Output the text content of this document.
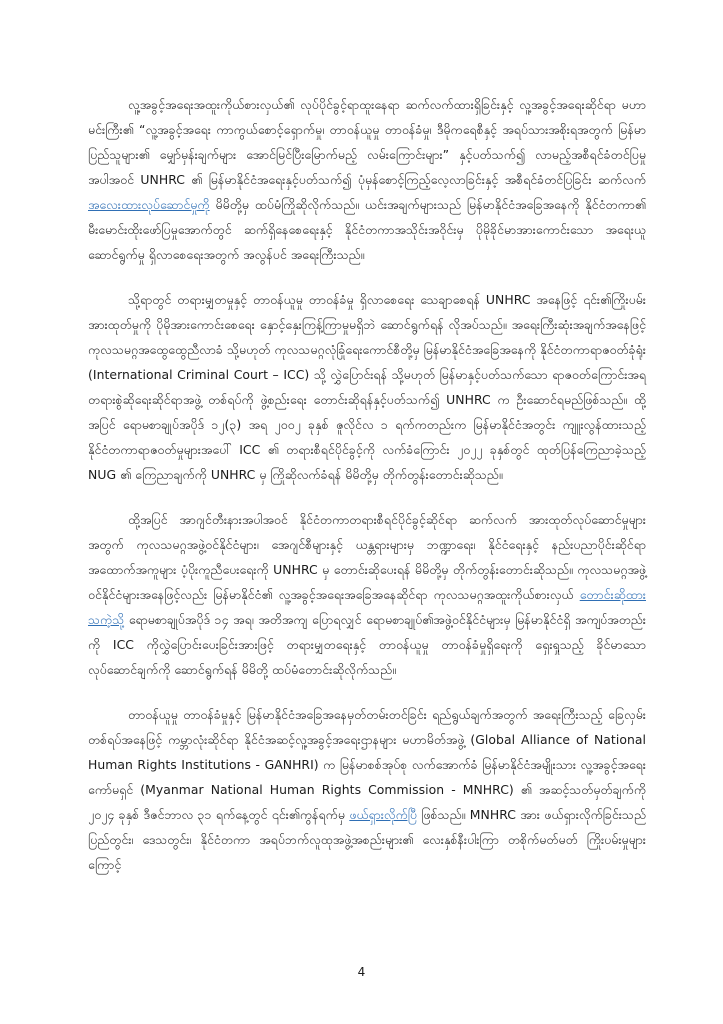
လူ့အခွင့်အရေးအထူးကိုယ်စားလှယ်၏ လုပ်ပိုင်ခွင့်ရာထူးနေရာ ဆက်လက်ထားရှိခြင်းနှင့် လူ့အခွင့်အရေးဆိုင်ရာ မဟာမင်းကြီး၏ “လူ့အခွင့်အရေး ကာကွယ်စောင့်ရှောက်မှု၊ တာဝန်ယူမှု တာဝန်ခံမှု၊ ဒီမိုကရေစီနှင့် အရပ်သားအစိုးရအတွက် မြန်မာပြည်သူများ၏ မျှော်မှန်းချက်များ အောင်မြင်ပြီးမြောက်မည့် လမ်းကြောင်းများ” နှင့်ပတ်သက်၍ လာမည့်အစီရင်ခံတင်ပြမှု အပါအဝင် UNHRC ၏ မြန်မာနိုင်ငံအရေးနှင့်ပတ်သက်၍ ပုံမှန်စောင့်ကြည့်လေ့လာခြင်းနှင့် အစီရင်ခံတင်ပြခြင်း ဆက်လက်အလေးထားလုပ်ဆောင်မှုကို မိမိတို့မှ ထပ်မံကြိုဆိုလိုက်သည်။ ယင်းအချက်များသည် မြန်မာနိုင်ငံအခြေအနေကို နိုင်ငံတကာ၏ မီးမောင်းထိုးဖော်ပြမှုအောက်တွင် ဆက်ရှိနေစေရေးနှင့် နိုင်ငံတကာအသိုင်းအဝိုင်းမှ ပိုမိုခိုင်မာအားကောင်းသော အရေးယူဆောင်ရွက်မှု ရှိလာစေရေးအတွက် အလွန်ပင် အရေးကြီးသည်။

သို့ရာတွင် တရားမျှတမှုနှင့် တာဝန်ယူမှု တာဝန်ခံမှု ရှိလာစေရေး သေချာစေရန် UNHRC အနေဖြင့် ၎င်း၏ကြိုးပမ်းအားထုတ်မှုကို ပိုမိုအားကောင်းစေရေး နှောင့်နှေးကြန့်ကြာမှုမရှိဘဲ ဆောင်ရွက်ရန် လိုအပ်သည်။ အရေးကြီးဆုံးအချက်အနေဖြင့် ကုလသမဂ္ဂအထွေထွေညီလာခံ သို့မဟုတ် ကုလသမဂ္ဂလုံခြုံရေးကောင်စီတို့မှ မြန်မာနိုင်ငံအခြေအနေကို နိုင်ငံတကာရာဇဝတ်ခုံရုံး (International Criminal Court – ICC) သို့ လွှဲပြောင်းရန် သို့မဟုတ် မြန်မာနှင့်ပတ်သက်သော ရာဇဝတ်ကြောင်းအရ တရားစွဲဆိုရေးဆိုင်ရာအဖွဲ့ တစ်ရပ်ကို ဖွဲ့စည်းရေး တောင်းဆိုရန်နှင့်ပတ်သက်၍ UNHRC က ဦးဆောင်ရမည်ဖြစ်သည်။ ထို့အပြင် ရောမစာချုပ်အပိုဒ် ၁၂(၃) အရ ၂၀၀၂ ခုနှစ် ဇူလိုင်လ ၁ ရက်ကတည်းက မြန်မာနိုင်ငံအတွင်း ကျူးလွန်ထားသည့် နိုင်ငံတကာရာဇဝတ်မှုများအပေါ် ICC ၏ တရားစီရင်ပိုင်ခွင့်ကို လက်ခံကြောင်း ၂၀၂၂ ခုနှစ်တွင် ထုတ်ပြန်ကြေညာခဲ့သည့် NUG ၏ ကြေညာချက်ကို UNHRC မှ ကြိုဆိုလက်ခံရန် မိမိတို့မှ တိုက်တွန်းတောင်းဆိုသည်။

ထို့အပြင် အာဂျင်တီးနားအပါအဝင် နိုင်ငံတကာတရားစီရင်ပိုင်ခွင့်ဆိုင်ရာ ဆက်လက် အားထုတ်လုပ်ဆောင်မှုများအတွက် ကုလသမဂ္ဂအဖွဲ့ဝင်နိုင်ငံများ၊ အေဂျင်စီများနှင့် ယန္တရားများမှ ဘဏ္ဍာရေး၊ နိုင်ငံရေးနှင့် နည်းပညာပိုင်းဆိုင်ရာ အထောက်အကူများ ပံ့ပိုးကူညီပေးရေးကို UNHRC မှ တောင်းဆိုပေးရန် မိမိတို့မှ တိုက်တွန်းတောင်းဆိုသည်။ ကုလသမဂ္ဂအဖွဲ့ဝင်နိုင်ငံများအနေဖြင့်လည်း မြန်မာနိုင်ငံ၏ လူ့အခွင့်အရေးအခြေအနေဆိုင်ရာ ကုလသမဂ္ဂအထူးကိုယ်စားလှယ် တောင်းဆိုထားသကဲ့သို့ ရောမစာချုပ်အပိုဒ် ၁၄ အရ၊ အတိအကျ ပြောရလျှင် ရောမစာချုပ်၏အဖွဲ့ဝင်နိုင်ငံများမှ မြန်မာနိုင်ငံရှိ အကျပ်အတည်းကို ICC ကိုလွှဲပြောင်းပေးခြင်းအားဖြင့် တရားမျှတရေးနှင့် တာဝန်ယူမှု တာဝန်ခံမှုရှိရေးကို ရှေးရှုသည့် ခိုင်မာသောလုပ်ဆောင်ချက်ကို ဆောင်ရွက်ရန် မိမိတို့ ထပ်မံတောင်းဆိုလိုက်သည်။

တာဝန်ယူမှု တာဝန်ခံမှုနှင့် မြန်မာနိုင်ငံအခြေအနေမှတ်တမ်းတင်ခြင်း ရည်ရွယ်ချက်အတွက် အရေးကြီးသည့် ခြေလှမ်းတစ်ရပ်အနေဖြင့် ကမ္ဘာလုံးဆိုင်ရာ နိုင်ငံအဆင့်လူ့အခွင့်အရေးဌာနများ မဟာမိတ်အဖွဲ့ (Global Alliance of National Human Rights Institutions - GANHRI) က မြန်မာစစ်အုပ်စု လက်အောက်ခံ မြန်မာနိုင်ငံအမျိုးသား လူ့အခွင့်အရေးကော်မရှင် (Myanmar National Human Rights Commission - MNHRC) ၏ အဆင့်သတ်မှတ်ချက်ကို ၂၀၂၄ ခုနှစ် ဒီဇင်ဘာလ ၃၁ ရက်နေ့တွင် ၎င်း၏ကွန်ရက်မှ ဖယ်ရှားလိုက်ပြီ ဖြစ်သည်။ MNHRC အား ဖယ်ရှားလိုက်ခြင်းသည် ပြည်တွင်း၊ ဒေသတွင်း၊ နိုင်ငံတကာ အရပ်ဘက်လူထုအဖွဲ့အစည်းများ၏ လေးနှစ်နီးပါးကြာ တစိုက်မတ်မတ် ကြိုးပမ်းမှုများကြောင့်

4
